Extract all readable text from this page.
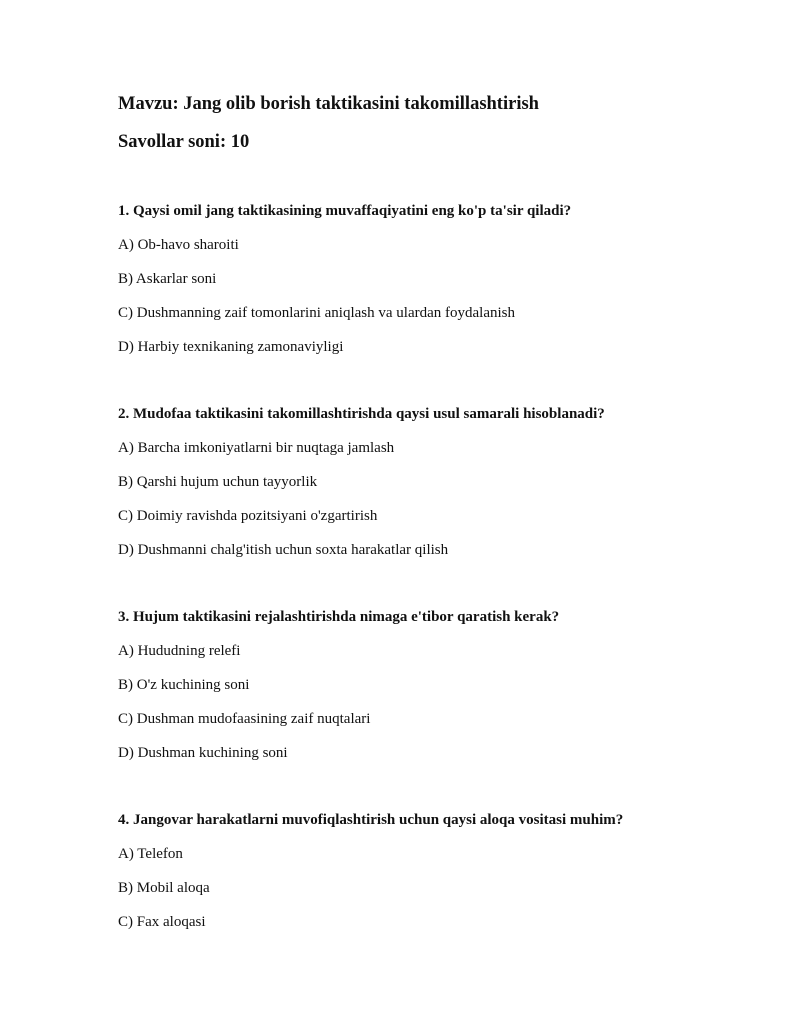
Mavzu: Jang olib borish taktikasini takomillashtirish
Savollar soni: 10

1. Qaysi omil jang taktikasining muvaffaqiyatini eng ko'p ta'sir qiladi?

A) Ob-havo sharoiti

B) Askarlar soni

C) Dushmanning zaif tomonlarini aniqlash va ulardan foydalanish

D) Harbiy texnikaning zamonaviyligi

2. Mudofaa taktikasini takomillashtirishda qaysi usul samarali hisoblanadi?

A) Barcha imkoniyatlarni bir nuqtaga jamlash

B) Qarshi hujum uchun tayyorlik

C) Doimiy ravishda pozitsiyani o'zgartirish

D) Dushmanni chalg'itish uchun soxta harakatlar qilish

3. Hujum taktikasini rejalashtirishda nimaga e'tibor qaratish kerak?

A) Hududning relefi

B) O'z kuchining soni

C) Dushman mudofaasining zaif nuqtalari

D) Dushman kuchining soni

4. Jangovar harakatlarni muvofiqlashtirish uchun qaysi aloqa vositasi muhim?

A) Telefon

B) Mobil aloqa

C) Fax aloqasi
